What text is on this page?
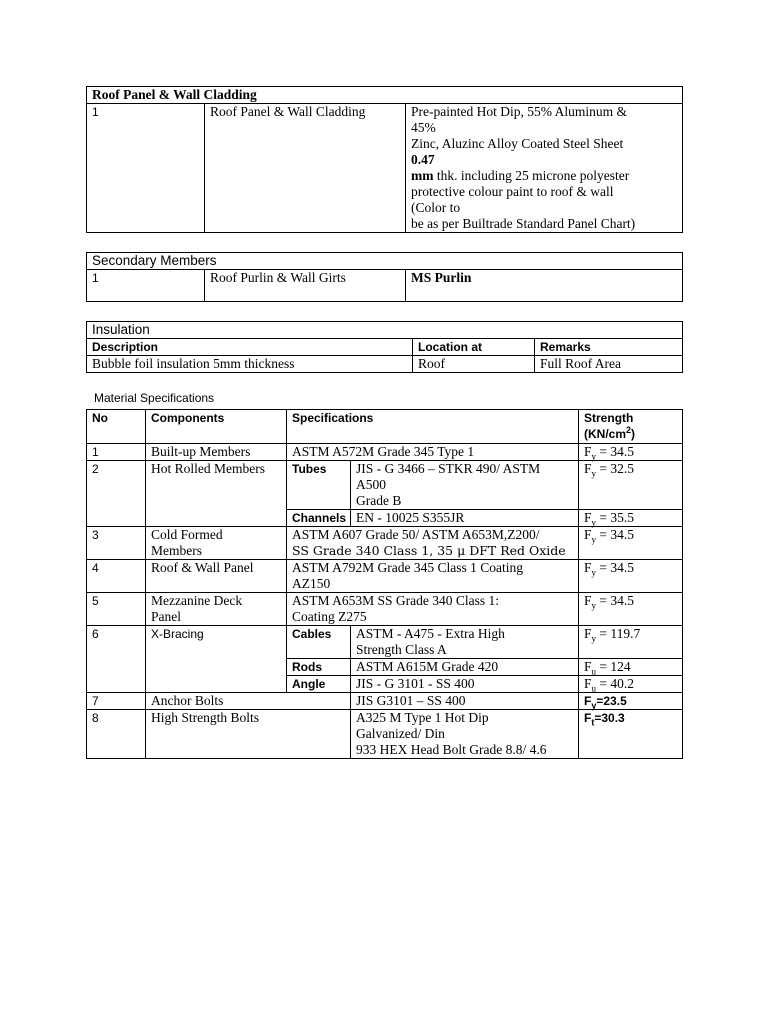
Roof Panel & Wall Cladding
1	Roof Panel & Wall Cladding	Pre-painted Hot Dip, 55% Aluminum &
45%
Zinc, Aluzinc Alloy Coated Steel Sheet
0.47
mm thk. including 25 microne polyester
protective colour paint to roof & wall
(Color to
be as per Builtrade Standard Panel Chart)
Secondary Members
1	Roof Purlin & Wall Girts	MS Purlin
Insulation		
Description	Location at	Remarks
Bubble foil insulation 5mm thickness	Roof	Full Roof Area
Material Specifications
No	Components	Specifications		Strength
$(KN/cm^2)$

1	Built-up Members	ASTM A572M Grade 345 Type 1		$F_y = 34.5$
2	Hot Rolled Members	Tubes	JIS - G 3466 – STKR 490/ ASTM
A500
Grade B	$F_y = 32.5$
		Channels	EN - 10025 S355JR	$F_y = 35.5$
3	Cold Formed
Members	ASTM A607 Grade 50/ ASTM A653M,Z200/
SS Grade 340 Class 1, 35 μ DFT Red Oxide		$F_y = 34.5$
4	Roof & Wall Panel	ASTM A792M Grade 345 Class 1 Coating
AZ150		$F_y = 34.5$
5	Mezzanine Deck
Panel	ASTM A653M SS Grade 340 Class 1:
Coating Z275		$F_y = 34.5$
6	X-Bracing	Cables	ASTM - A475 - Extra High
Strength Class A	$F_y = 119.7$
		Rods	ASTM A615M Grade 420	$F_u = 124$
		Angle	JIS - G 3101 - SS 400	$F_u = 40.2$
7	Anchor Bolts		JIS G3101 – SS 400	$F_y=23.5$
8	High Strength Bolts		A325 M Type 1 Hot Dip
Galvanized/ Din
933 HEX Head Bolt Grade 8.8/ 4.6	$F_t=30.3$
